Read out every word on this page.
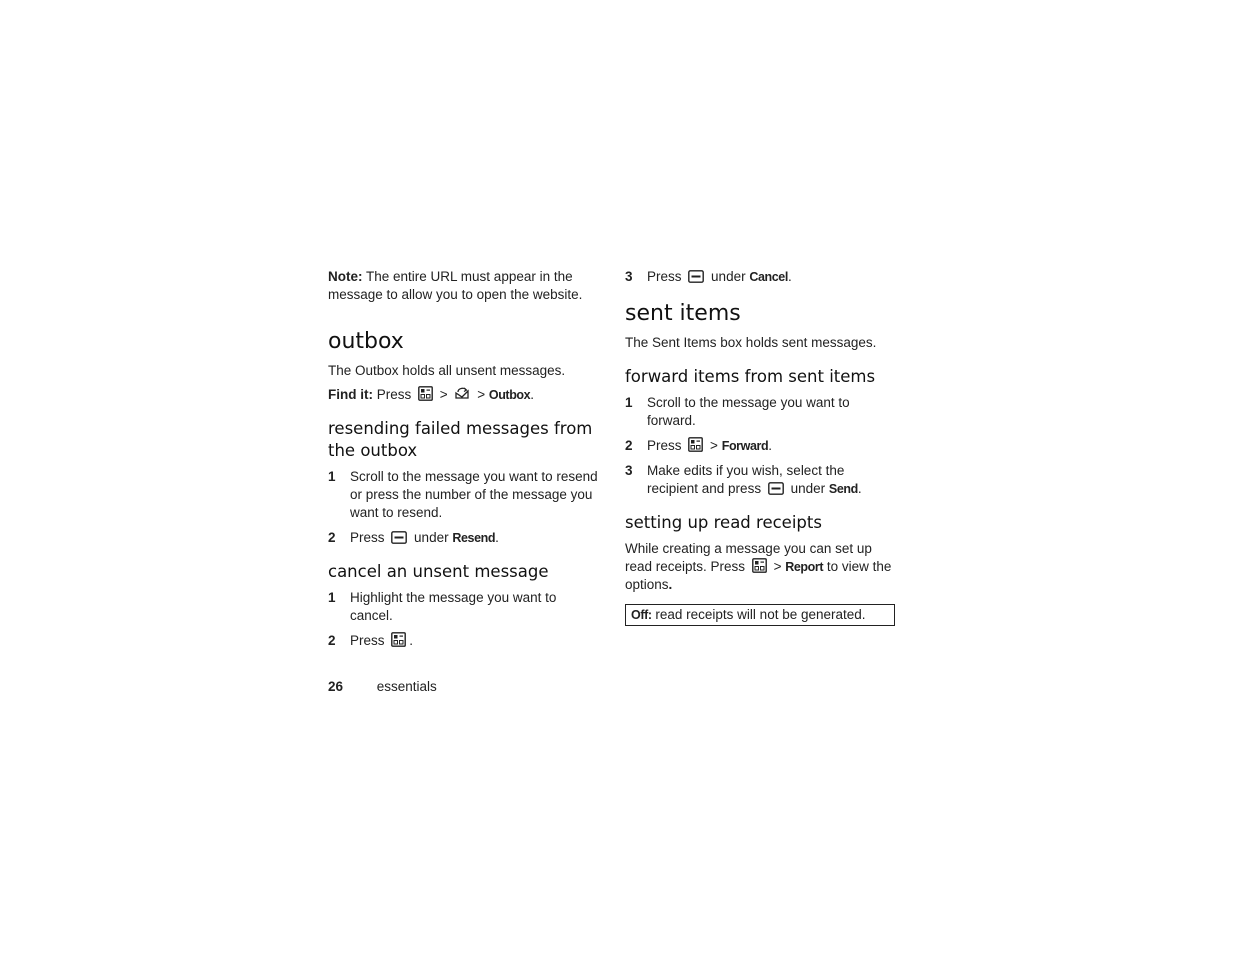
Note: The entire URL must appear in the message to allow you to open the website.

outbox

The Outbox holds all unsent messages.

Find it: Press > > Outbox.

resending failed messages from the outbox
1	Scroll to the message you want to resend or press the number of the message you want to resend.
2	Press under Resend.
cancel an unsent message
1	Highlight the message you want to cancel.
2	Press .
3	Press under Cancel.
sent items

The Sent Items box holds sent messages.

forward items from sent items
1	Scroll to the message you want to forward.
2	Press > Forward.
3	Make edits if you wish, select the recipient and press under Send.
setting up read receipts

While creating a message you can set up read receipts. Press > Report to view the options.

Off: read receipts will not be generated.
26 essentials
